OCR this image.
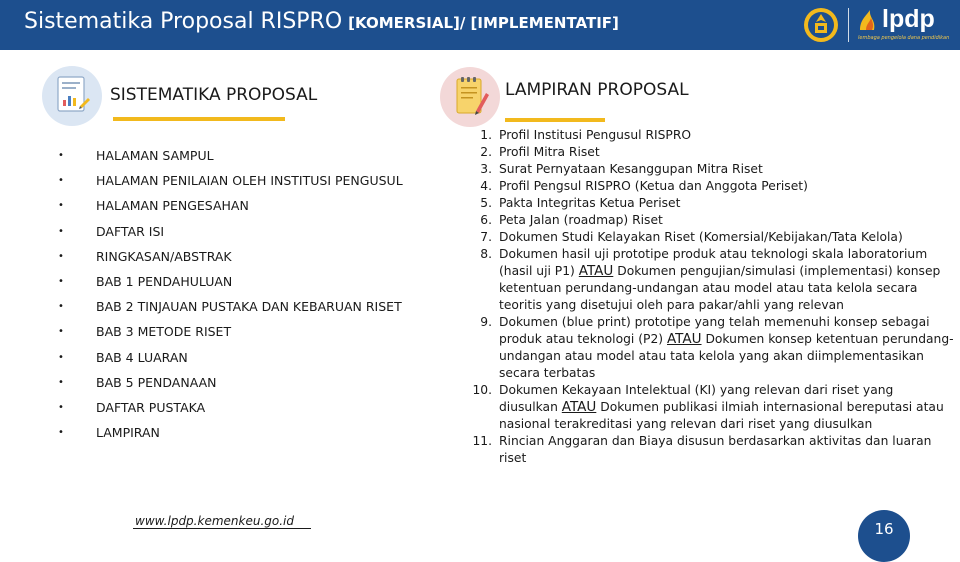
Sistematika Proposal RISPRO [KOMERSIAL]/ [IMPLEMENTATIF]	lpdp
lembaga pengelola dana pendidikan
SISTEMATIKA PROPOSAL
•	HALAMAN SAMPUL
•	HALAMAN PENILAIAN OLEH INSTITUSI PENGUSUL
•	HALAMAN PENGESAHAN
•	DAFTAR ISI
•	RINGKASAN/ABSTRAK
•	BAB 1 PENDAHULUAN
•	BAB 2 TINJAUAN PUSTAKA DAN KEBARUAN RISET
•	BAB 3 METODE RISET
•	BAB 4 LUARAN
•	BAB 5 PENDANAAN
•	DAFTAR PUSTAKA
•	LAMPIRAN
LAMPIRAN PROPOSAL
1. Profil Institusi Pengusul RISPRO
2. Profil Mitra Riset
3. Surat Pernyataan Kesanggupan Mitra Riset
4. Profil Pengsul RISPRO (Ketua dan Anggota Periset)
5. Pakta Integritas Ketua Periset
6. Peta Jalan (roadmap) Riset
7. Dokumen Studi Kelayakan Riset (Komersial/Kebijakan/Tata Kelola)
8. Dokumen hasil uji prototipe produk atau teknologi skala laboratorium (hasil uji P1) ATAU Dokumen pengujian/simulasi (implementasi) konsep ketentuan perundang-undangan atau model atau tata kelola secara teoritis yang disetujui oleh para pakar/ahli yang relevan
9. Dokumen (blue print) prototipe yang telah memenuhi konsep sebagai produk atau teknologi (P2) ATAU Dokumen konsep ketentuan perundang-undangan atau model atau tata kelola yang akan diimplementasikan secara terbatas
10. Dokumen Kekayaan Intelektual (KI) yang relevan dari riset yang diusulkan ATAU Dokumen publikasi ilmiah internasional bereputasi atau nasional terakreditasi yang relevan dari riset yang diusulkan
11. Rincian Anggaran dan Biaya disusun berdasarkan aktivitas dan luaran riset
www.lpdp.kemenkeu.go.id	16
